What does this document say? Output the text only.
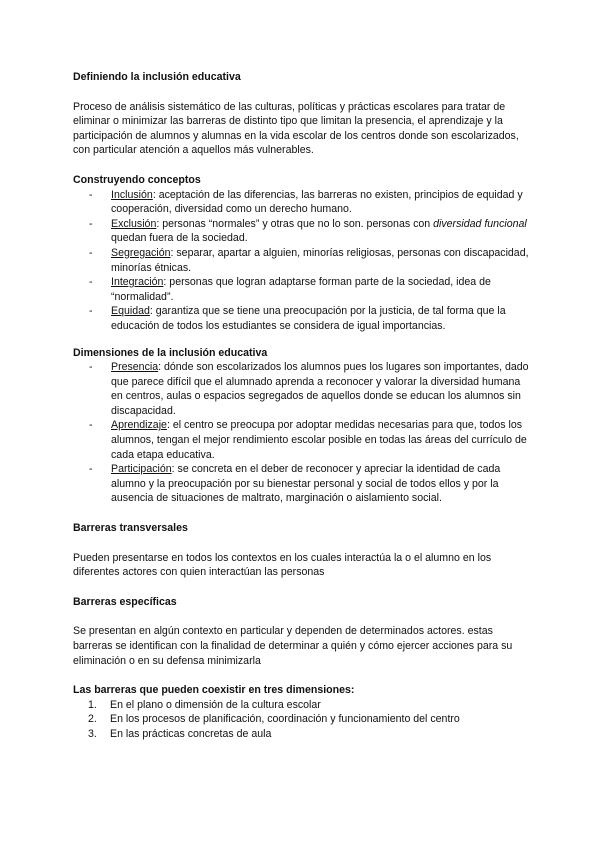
Definiendo la inclusión educativa

Proceso de análisis sistemático de las culturas, políticas y prácticas escolares para tratar de eliminar o minimizar las barreras de distinto tipo que limitan la presencia, el aprendizaje y la participación de alumnos y alumnas en la vida escolar de los centros donde son escolarizados, con particular atención a aquellos más vulnerables.

Construyendo conceptos
- Inclusión: aceptación de las diferencias, las barreras no existen, principios de equidad y cooperación, diversidad como un derecho humano.
- Exclusión: personas “normales” y otras que no lo son. personas con diversidad funcional quedan fuera de la sociedad.
- Segregación: separar, apartar a alguien, minorías religiosas, personas con discapacidad, minorías étnicas.
- Integración: personas que logran adaptarse forman parte de la sociedad, idea de “normalidad”.
- Equidad: garantiza que se tiene una preocupación por la justicia, de tal forma que la educación de todos los estudiantes se considera de igual importancias.
Dimensiones de la inclusión educativa
- Presencia: dónde son escolarizados los alumnos pues los lugares son importantes, dado que parece difícil que el alumnado aprenda a reconocer y valorar la diversidad humana en centros, aulas o espacios segregados de aquellos donde se educan los alumnos sin discapacidad.
- Aprendizaje: el centro se preocupa por adoptar medidas necesarias para que, todos los alumnos, tengan el mejor rendimiento escolar posible en todas las áreas del currículo de cada etapa educativa.
- Participación: se concreta en el deber de reconocer y apreciar la identidad de cada alumno y la preocupación por su bienestar personal y social de todos ellos y por la ausencia de situaciones de maltrato, marginación o aislamiento social.
Barreras transversales

Pueden presentarse en todos los contextos en los cuales interactúa la o el alumno en los diferentes actores con quien interactúan las personas

Barreras específicas

Se presentan en algún contexto en particular y dependen de determinados actores. estas barreras se identifican con la finalidad de determinar a quién y cómo ejercer acciones para su eliminación o en su defensa minimizarla

Las barreras que pueden coexistir en tres dimensiones:
1. En el plano o dimensión de la cultura escolar
2. En los procesos de planificación, coordinación y funcionamiento del centro
3. En las prácticas concretas de aula
